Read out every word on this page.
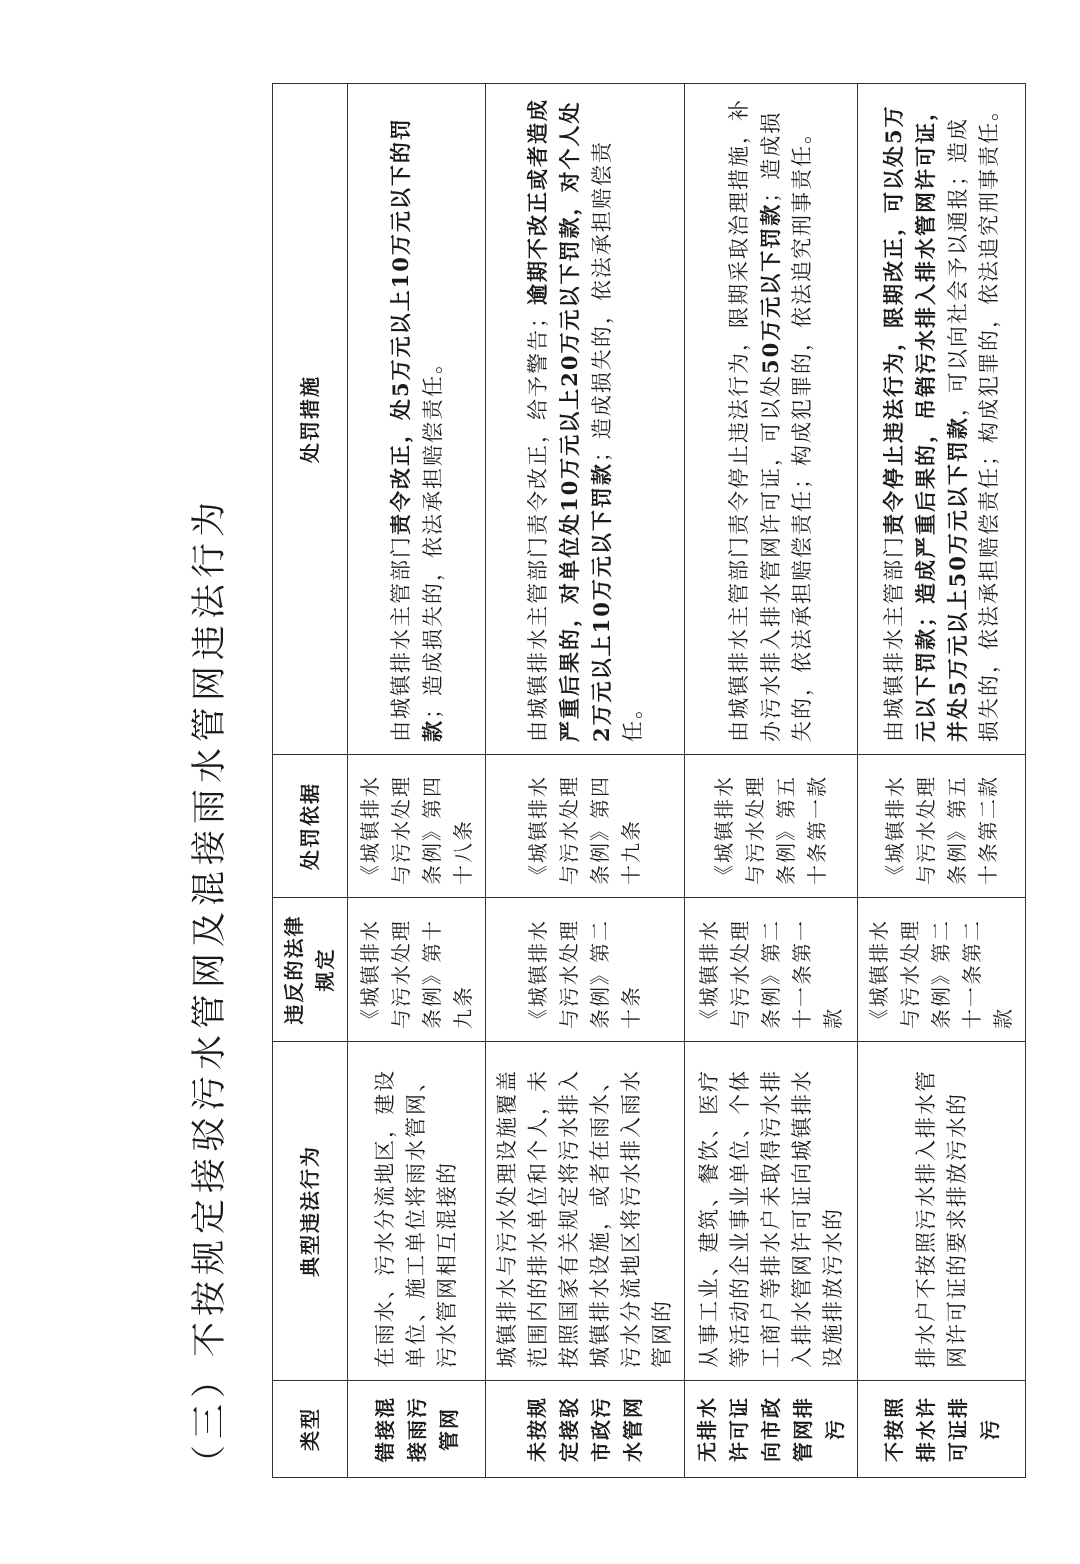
（三）不按规定接驳污水管网及混接雨水管网违法行为	类型	典型违法行为	违反的法律规定	处罚依据	处罚措施
错接混接雨污管网	在雨水、污水分流地区，建设单位、施工单位将雨水管网、污水管网相互混接的	《城镇排水与污水处理条例》第十九条	《城镇排水与污水处理条例》第四十八条	由城镇排水主管部门责令改正，处5万元以上10万元以下的罚款；造成损失的，依法承担赔偿责任。
未按规定接驳市政污水管网	城镇排水与污水处理设施覆盖范围内的排水单位和个人，未按照国家有关规定将污水排入城镇排水设施，或者在雨水、污水分流地区将污水排入雨水管网的	《城镇排水与污水处理条例》第二十条	《城镇排水与污水处理条例》第四十九条	由城镇排水主管部门责令改正，给予警告；逾期不改正或者造成严重后果的，对单位处10万元以上20万元以下罚款，对个人处2万元以上10万元以下罚款；造成损失的，依法承担赔偿责任。
无排水许可证向市政管网排污	从事工业、建筑、餐饮、医疗等活动的企业事业单位、个体工商户等排水户未取得污水排入排水管网许可证向城镇排水设施排放污水的	《城镇排水与污水处理条例》第二十一条第一款	《城镇排水与污水处理条例》第五十条第一款	由城镇排水主管部门责令停止违法行为，限期采取治理措施，补办污水排入排水管网许可证，可以处50万元以下罚款；造成损失的，依法承担赔偿责任；构成犯罪的，依法追究刑事责任。
不按照排水许可证排污	排水户不按照污水排入排水管网许可证的要求排放污水的	《城镇排水与污水处理条例》第二十一条第二款	《城镇排水与污水处理条例》第五十条第二款	由城镇排水主管部门责令停止违法行为，限期改正，可以处5万元以下罚款；造成严重后果的，吊销污水排入排水管网许可证，并处5万元以上50万元以下罚款，可以向社会予以通报；造成损失的，依法承担赔偿责任；构成犯罪的，依法追究刑事责任。
